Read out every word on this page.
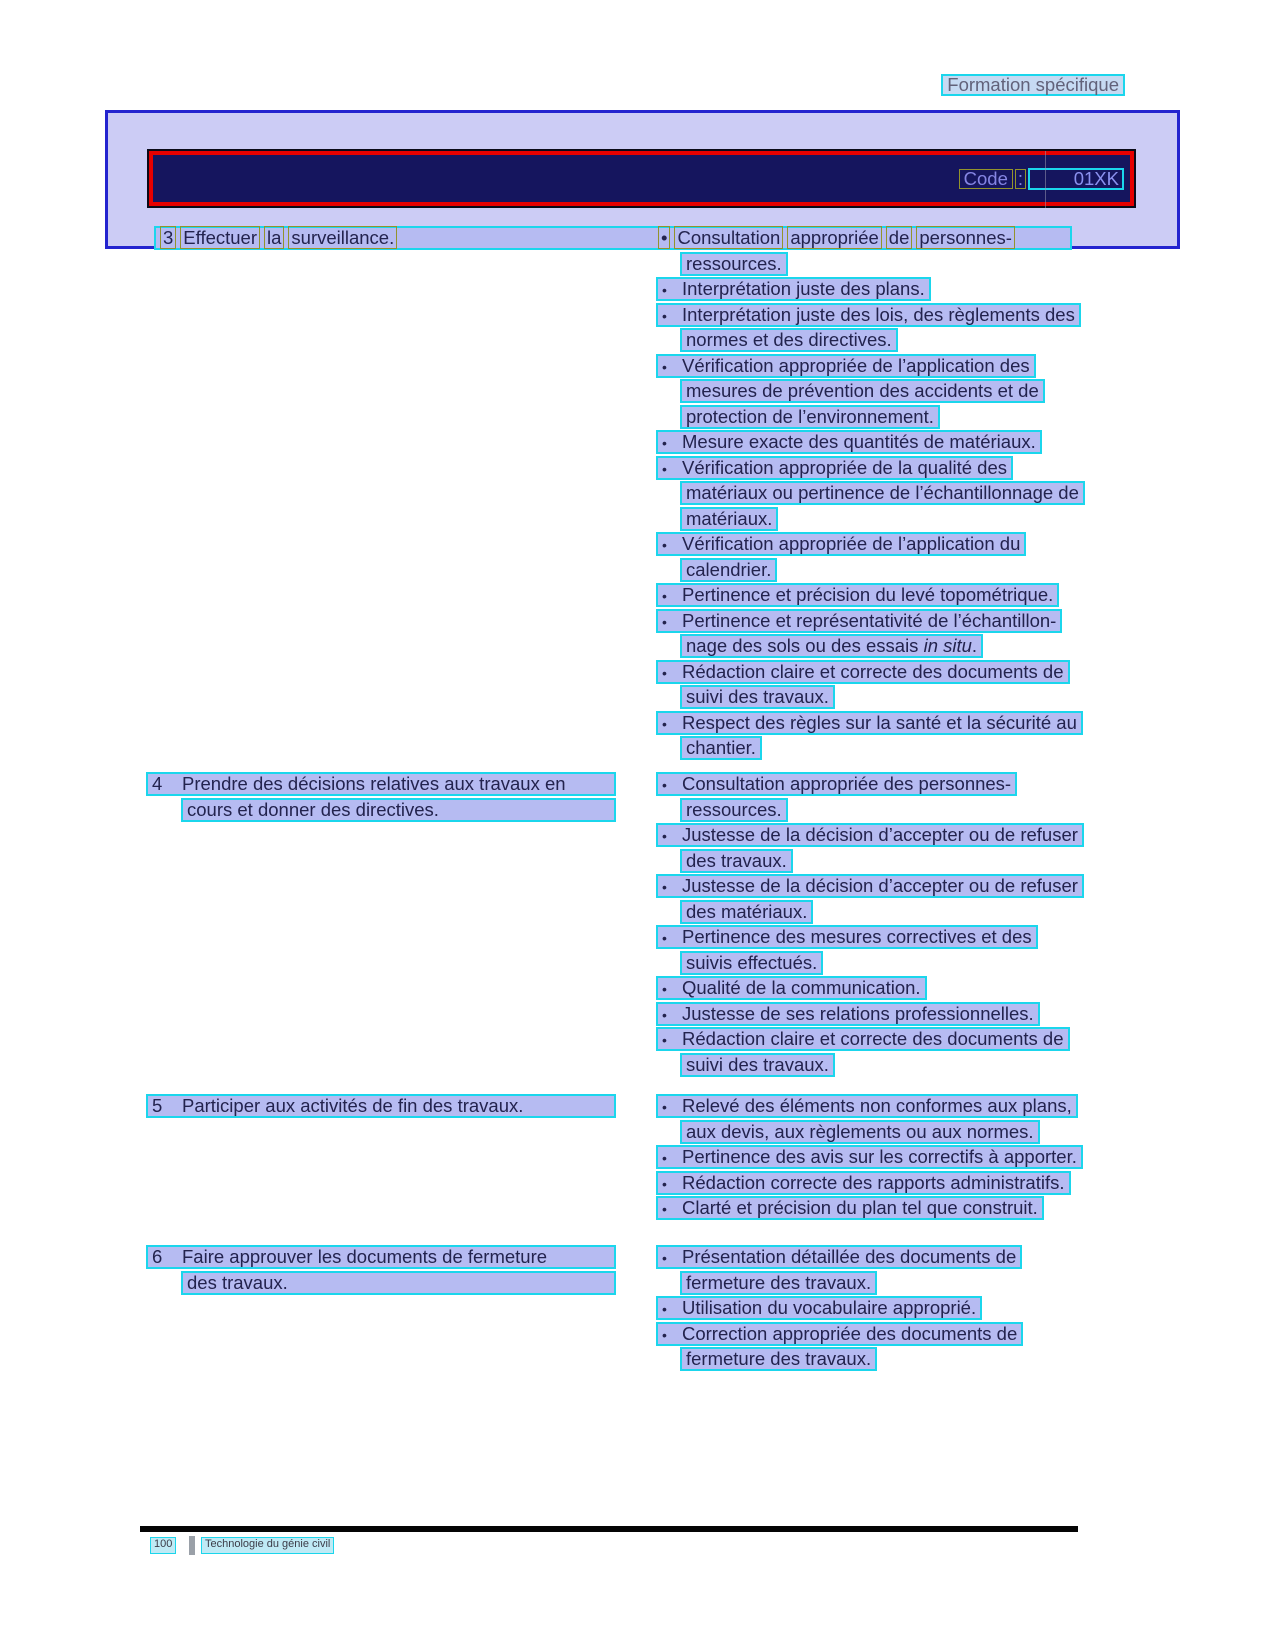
Formation spécifique
Code :	01XK
3 Effectuer la surveillance.	• Consultation appropriée de personnes-
ressources.
• Interprétation juste des plans.
• Interprétation juste des lois, des règlements des
normes et des directives.
• Vérification appropriée de l’application des
mesures de prévention des accidents et de
protection de l’environnement.
• Mesure exacte des quantités de matériaux.
• Vérification appropriée de la qualité des
matériaux ou pertinence de l’échantillonnage de
matériaux.
• Vérification appropriée de l’application du
calendrier.
• Pertinence et précision du levé topométrique.
• Pertinence et représentativité de l’échantillon-
nage des sols ou des essais in situ.
• Rédaction claire et correcte des documents de
suivi des travaux.
• Respect des règles sur la santé et la sécurité au
chantier.
4 Prendre des décisions relatives aux travaux en
cours et donner des directives.
• Consultation appropriée des personnes-
ressources.
• Justesse de la décision d’accepter ou de refuser
des travaux.
• Justesse de la décision d’accepter ou de refuser
des matériaux.
• Pertinence des mesures correctives et des
suivis effectués.
• Qualité de la communication.
• Justesse de ses relations professionnelles.
• Rédaction claire et correcte des documents de
suivi des travaux.
5 Participer aux activités de fin des travaux.	• Relevé des éléments non conformes aux plans,
aux devis, aux règlements ou aux normes.
• Pertinence des avis sur les correctifs à apporter.
• Rédaction correcte des rapports administratifs.
• Clarté et précision du plan tel que construit.
6 Faire approuver les documents de fermeture
des travaux.
• Présentation détaillée des documents de
fermeture des travaux.
• Utilisation du vocabulaire approprié.
• Correction appropriée des documents de
fermeture des travaux.
100	Technologie du génie civil
